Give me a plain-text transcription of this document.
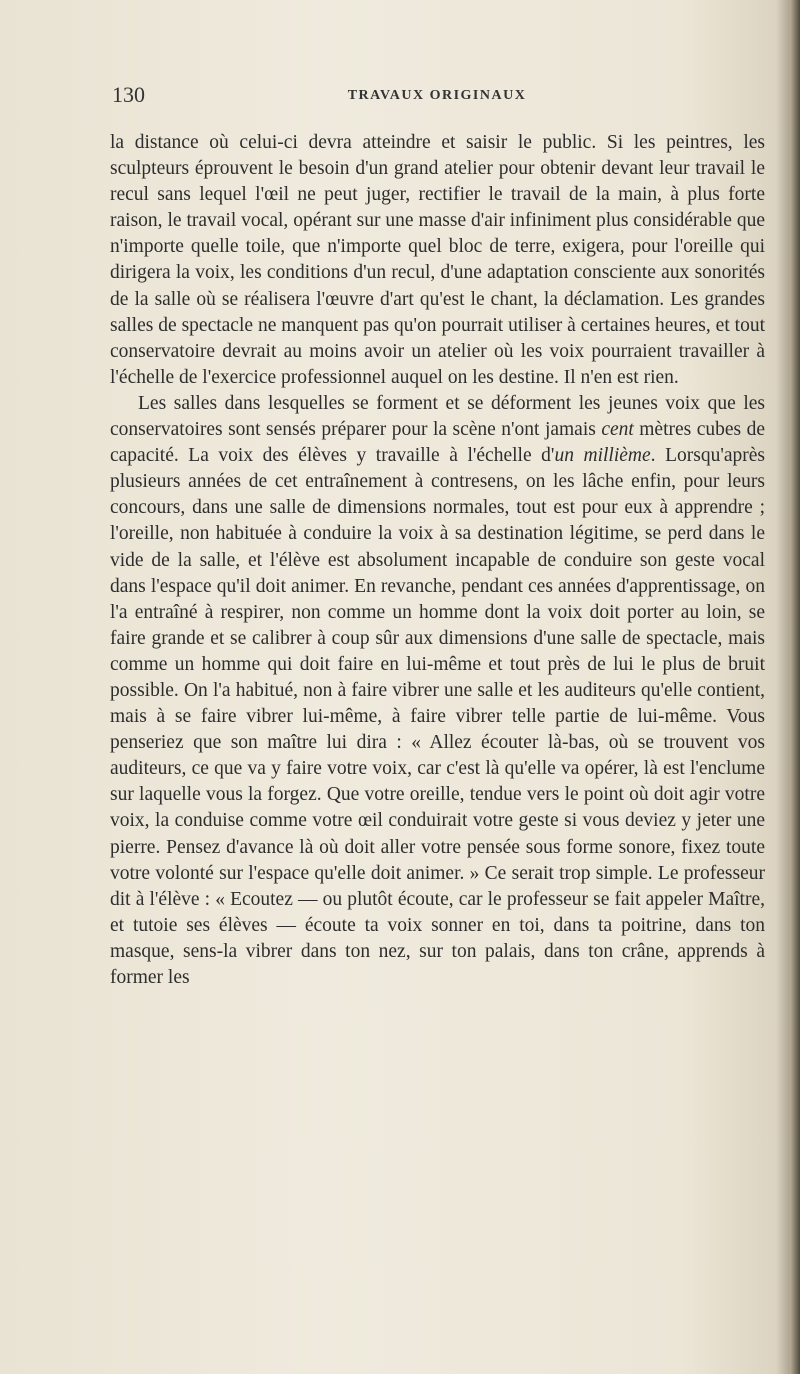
130	TRAVAUX ORIGINAUX

la distance où celui-ci devra atteindre et saisir le public. Si les peintres, les sculpteurs éprouvent le besoin d'un grand atelier pour obtenir devant leur travail le recul sans lequel l'œil ne peut juger, rectifier le travail de la main, à plus forte raison, le travail vocal, opérant sur une masse d'air infiniment plus considérable que n'importe quelle toile, que n'importe quel bloc de terre, exigera, pour l'oreille qui dirigera la voix, les conditions d'un recul, d'une adaptation consciente aux sonorités de la salle où se réalisera l'œuvre d'art qu'est le chant, la déclamation. Les grandes salles de spectacle ne manquent pas qu'on pourrait utiliser à certaines heures, et tout conservatoire devrait au moins avoir un atelier où les voix pourraient travailler à l'échelle de l'exercice professionnel auquel on les destine. Il n'en est rien.

Les salles dans lesquelles se forment et se déforment les jeunes voix que les conservatoires sont sensés préparer pour la scène n'ont jamais cent mètres cubes de capacité. La voix des élèves y travaille à l'échelle d'un millième. Lorsqu'après plusieurs années de cet entraînement à contresens, on les lâche enfin, pour leurs concours, dans une salle de dimensions normales, tout est pour eux à apprendre ; l'oreille, non habituée à conduire la voix à sa destination légitime, se perd dans le vide de la salle, et l'élève est absolument incapable de conduire son geste vocal dans l'espace qu'il doit animer. En revanche, pendant ces années d'apprentissage, on l'a entraîné à respirer, non comme un homme dont la voix doit porter au loin, se faire grande et se calibrer à coup sûr aux dimensions d'une salle de spectacle, mais comme un homme qui doit faire en lui-même et tout près de lui le plus de bruit possible. On l'a habitué, non à faire vibrer une salle et les auditeurs qu'elle contient, mais à se faire vibrer lui-même, à faire vibrer telle partie de lui-même. Vous penseriez que son maître lui dira : « Allez écouter là-bas, où se trouvent vos auditeurs, ce que va y faire votre voix, car c'est là qu'elle va opérer, là est l'enclume sur laquelle vous la forgez. Que votre oreille, tendue vers le point où doit agir votre voix, la conduise comme votre œil conduirait votre geste si vous deviez y jeter une pierre. Pensez d'avance là où doit aller votre pensée sous forme sonore, fixez toute votre volonté sur l'espace qu'elle doit animer. » Ce serait trop simple. Le professeur dit à l'élève : « Ecoutez — ou plutôt écoute, car le professeur se fait appeler Maître, et tutoie ses élèves — écoute ta voix sonner en toi, dans ta poitrine, dans ton masque, sens-la vibrer dans ton nez, sur ton palais, dans ton crâne, apprends à former les
